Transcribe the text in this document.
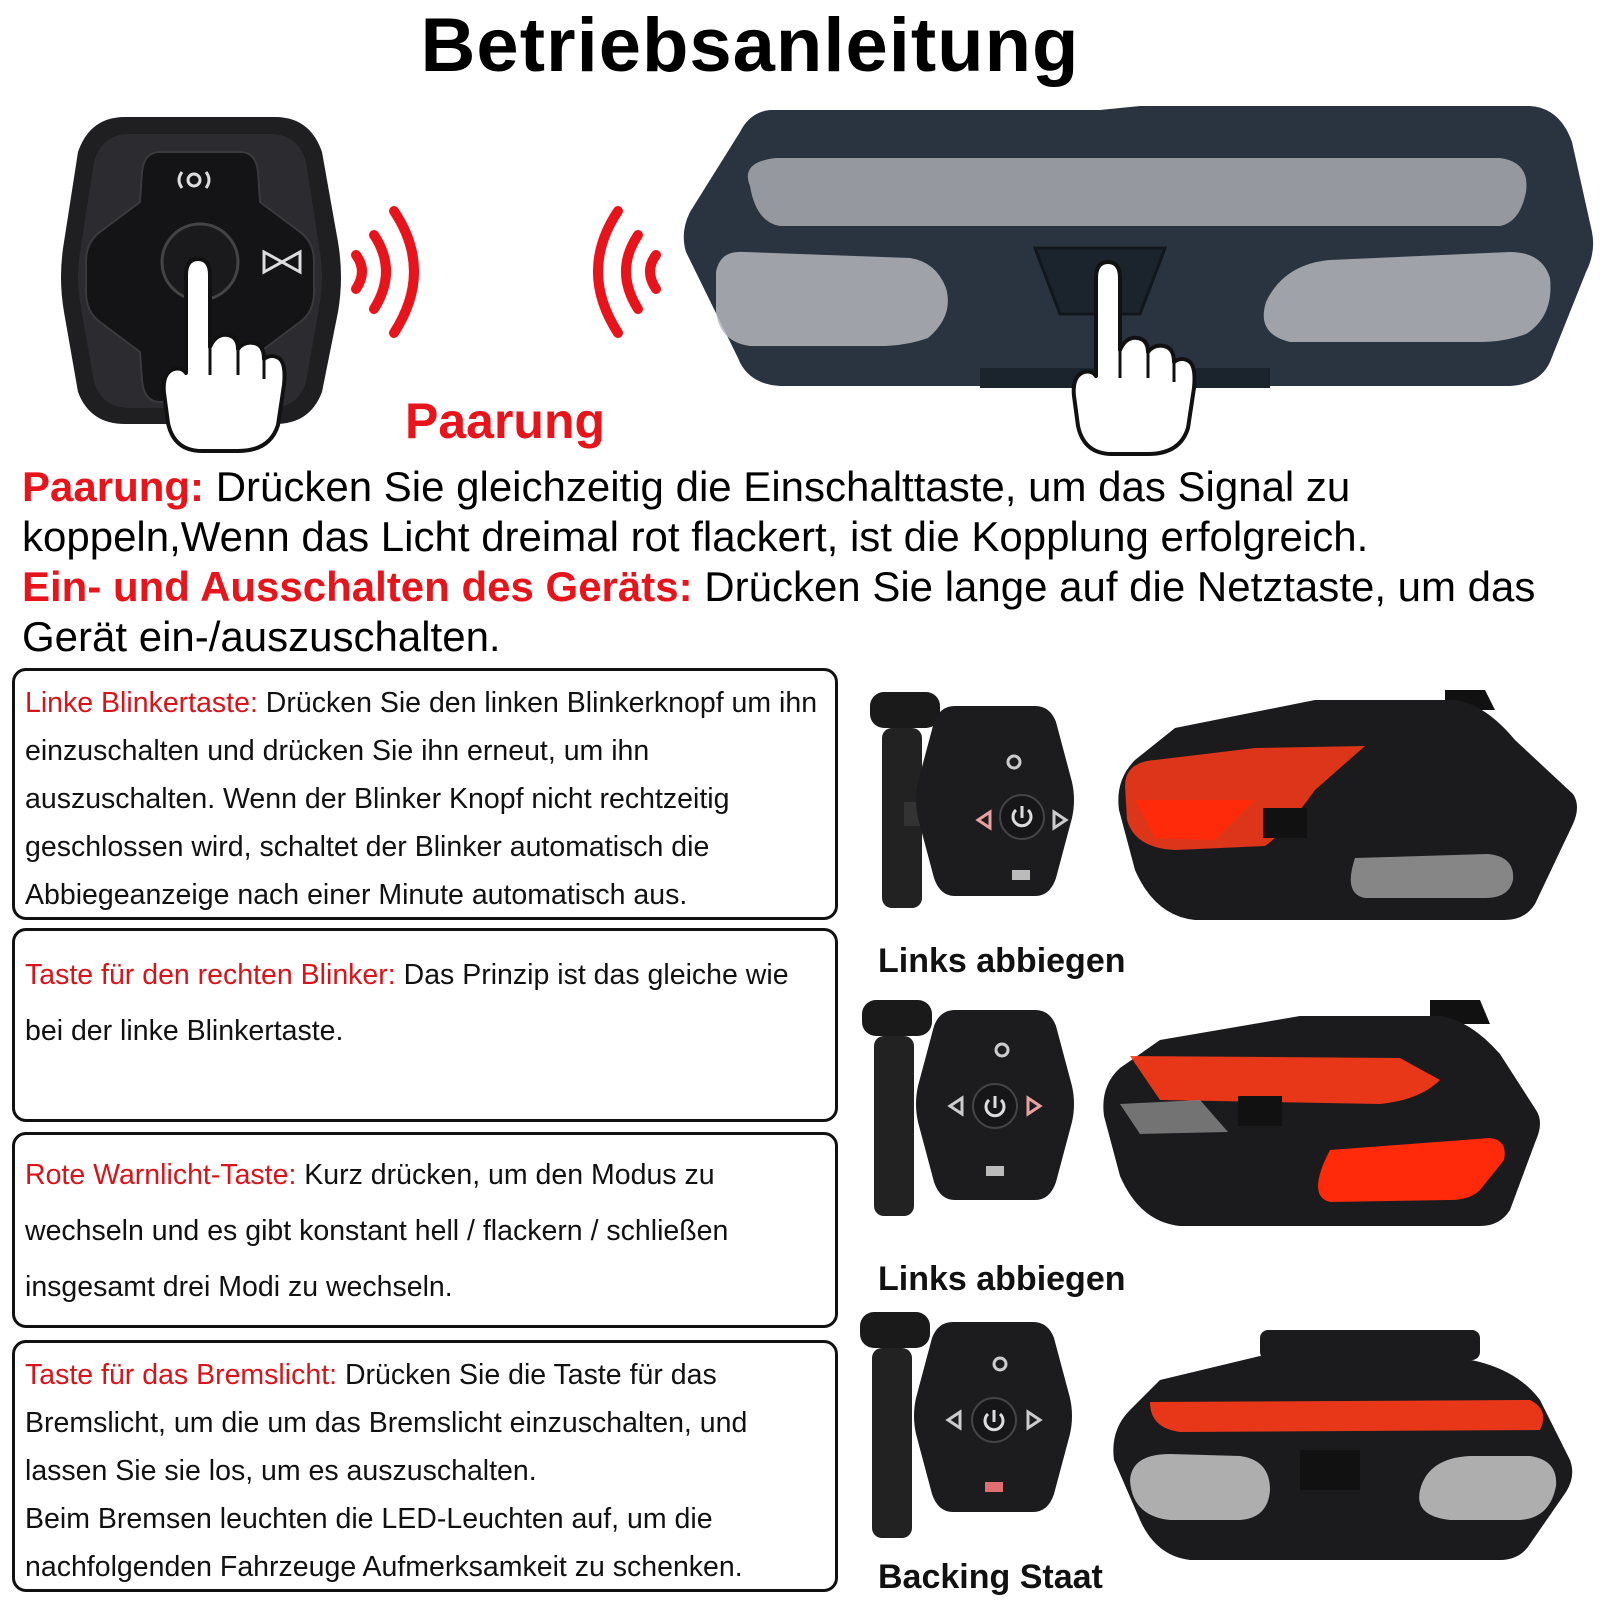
Betriebsanleitung
Paarung
Paarung: Drücken Sie gleichzeitig die Einschalttaste, um das Signal zu koppeln,Wenn das Licht dreimal rot flackert, ist die Kopplung erfolgreich.
Ein- und Ausschalten des Geräts: Drücken Sie lange auf die Netztaste, um das Gerät ein-/auszuschalten.
Linke Blinkertaste: Drücken Sie den linken Blinkerknopf um ihn einzuschalten und drücken Sie ihn erneut, um ihn auszuschalten. Wenn der Blinker Knopf nicht rechtzeitig geschlossen wird, schaltet der Blinker automatisch die Abbiegeanzeige nach einer Minute automatisch aus.
Taste für den rechten Blinker: Das Prinzip ist das gleiche wie bei der linke Blinkertaste.
Rote Warnlicht-Taste: Kurz drücken, um den Modus zu wechseln und es gibt konstant hell / flackern / schließen insgesamt drei Modi zu wechseln.
Taste für das Bremslicht: Drücken Sie die Taste für das Bremslicht, um die um das Bremslicht einzuschalten, und lassen Sie sie los, um es auszuschalten.
Beim Bremsen leuchten die LED-Leuchten auf, um die nachfolgenden Fahrzeuge Aufmerksamkeit zu schenken.
Links abbiegen
Links abbiegen
Backing Staat
